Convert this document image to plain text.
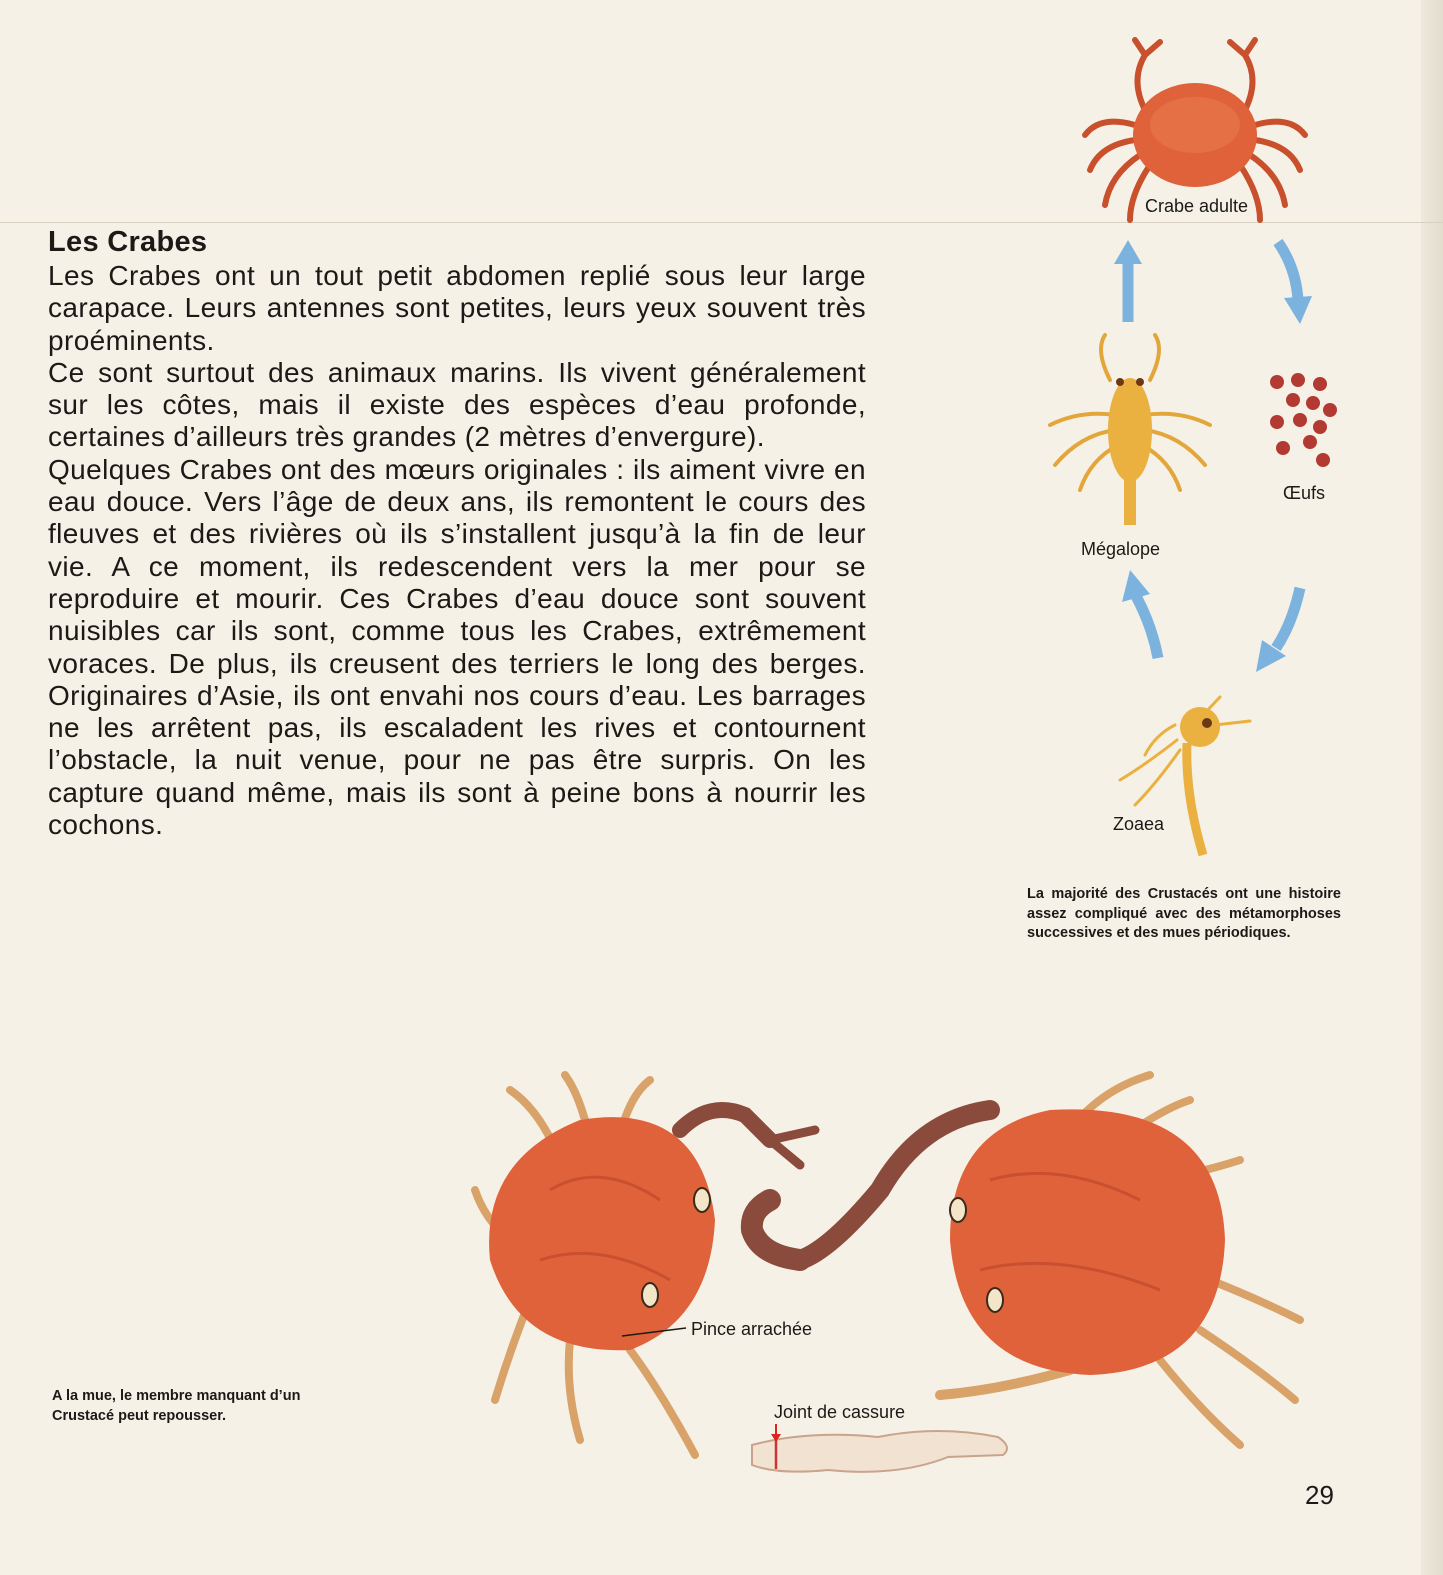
Les Crabes

Les Crabes ont un tout petit abdomen replié sous leur large carapace. Leurs antennes sont petites, leurs yeux souvent très proéminents.

Ce sont surtout des animaux marins. Ils vivent généralement sur les côtes, mais il existe des espèces d’eau profonde, certaines d’ailleurs très grandes (2 mètres d’envergure).

Quelques Crabes ont des mœurs originales : ils aiment vivre en eau douce. Vers l’âge de deux ans, ils remontent le cours des fleuves et des rivières où ils s’installent jusqu’à la fin de leur vie. A ce moment, ils redescendent vers la mer pour se reproduire et mourir. Ces Crabes d’eau douce sont souvent nuisibles car ils sont, comme tous les Crabes, extrêmement voraces. De plus, ils creusent des terriers le long des berges. Originaires d’Asie, ils ont envahi nos cours d’eau. Les barrages ne les arrêtent pas, ils escaladent les rives et contournent l’obstacle, la nuit venue, pour ne pas être surpris. On les capture quand même, mais ils sont à peine bons à nourrir les cochons.

Crabe adulte
Mégalope
Œufs
Zoaea
La majorité des Crustacés ont une histoire assez compliqué avec des métamorphoses successives et des mues périodiques.
Pince arrachée
Joint de cassure
A la mue, le membre manquant d’un Crustacé peut repousser.
29
